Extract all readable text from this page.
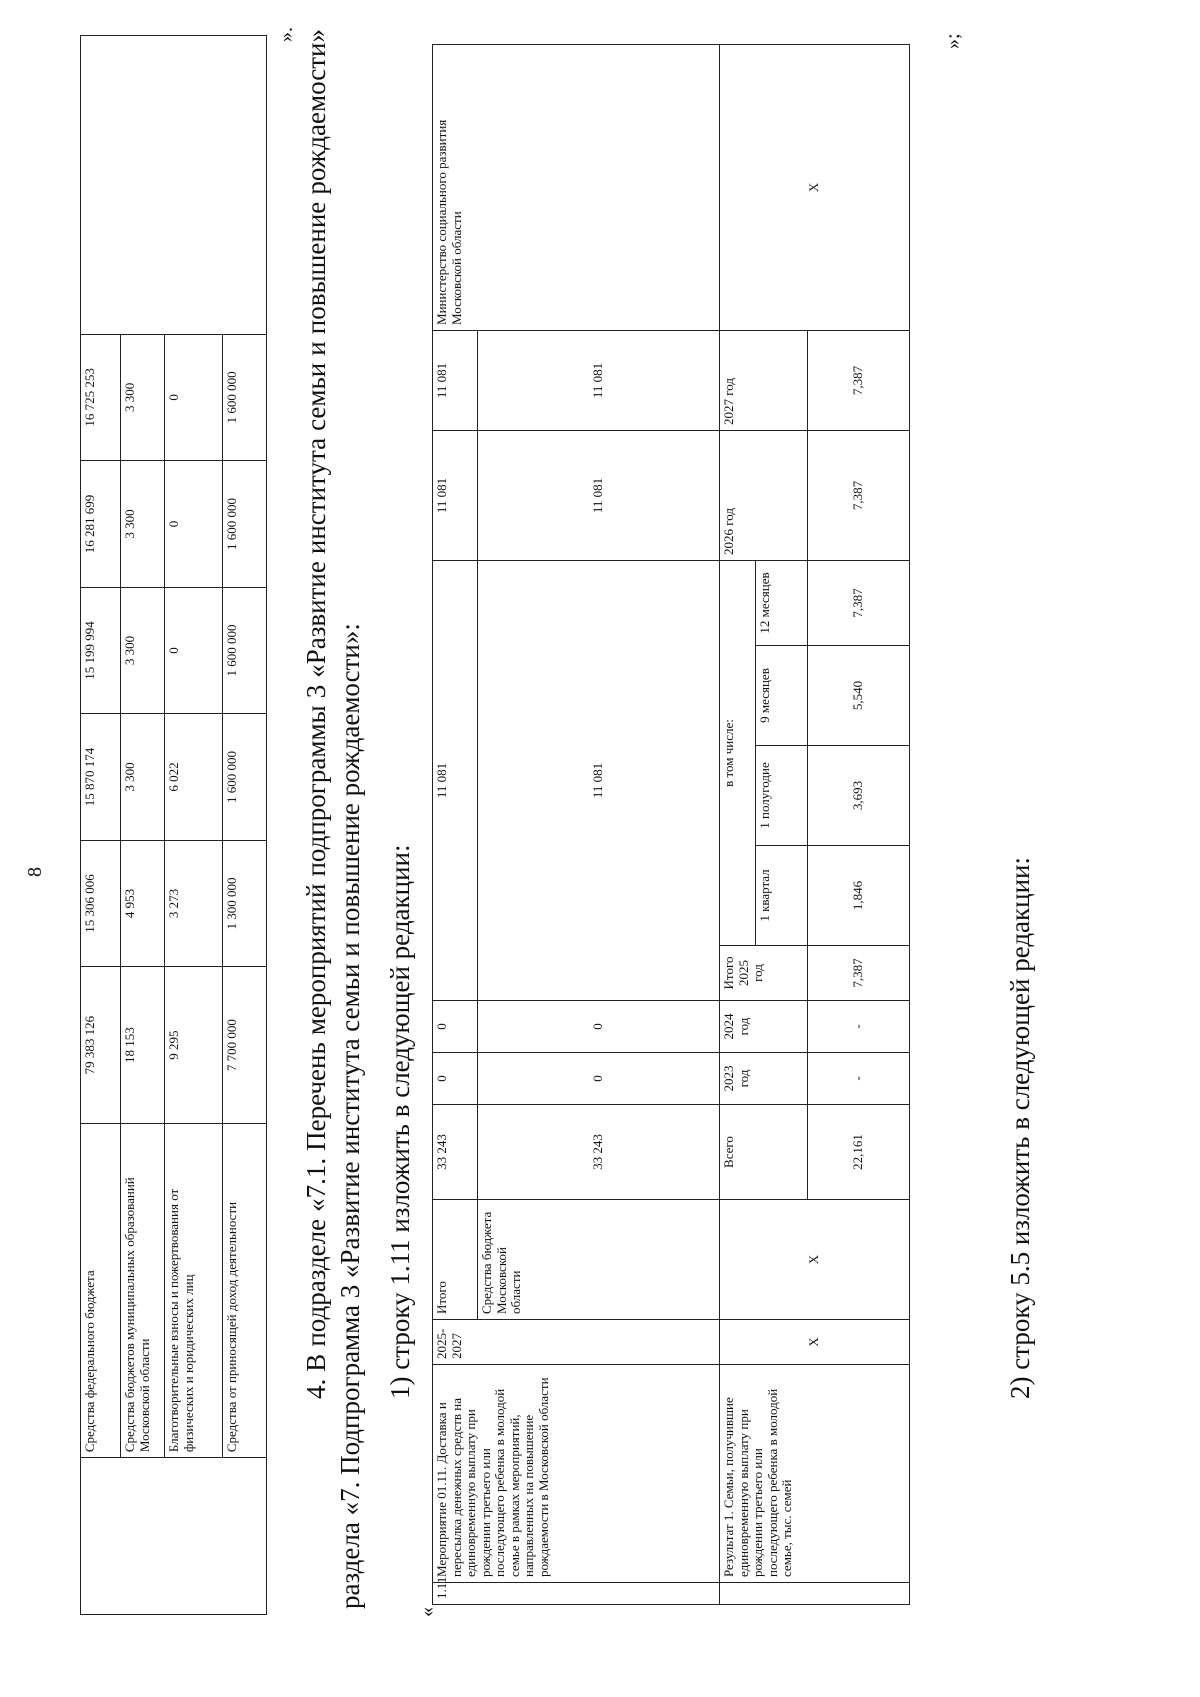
8
	Средства федерального бюджета	79 383 126	15 306 006	15 870 174	15 199 994	16 281 699	16 725 253	
	Средства бюджетов муниципальных образований Московской области	18 153	4 953	3 300	3 300	3 300	3 300	
	Благотворительные взносы и пожертвования от физических и юридических лиц	9 295	3 273	6 022	0	0	0	
	Средства от приносящей доход деятельности	7 700 000	1 300 000	1 600 000	1 600 000	1 600 000	1 600 000	
». 4. В подразделе «7.1. Перечень мероприятий подпрограммы 3 «Развитие института семьи и повышение рождаемости» раздела «7. Подпрограмма 3 «Развитие института семьи и повышение рождаемости»: 1) строку 1.11 изложить в следующей редакции:
«
1.11	Мероприятие 01.11. Доставка и пересылка денежных средств на единовременную выплату при рождении третьего или последующего ребенка в молодой семье в рамках мероприятий, направленных на повышение рождаемости в Московской области	2025-2027	Итого	33 243	0	0	11 081					11 081	11 081	Министерство социального развития Московской области
			Средства бюджета Московской области	33 243	0	0	11 081					11 081	11 081	
	Результат 1. Семьи, получившие единовременную выплату при рождении третьего или последующего ребенка в молодой семье, тыс. семей	X	X	Всего	2023 год	2024 год	Итого 2025 год	в том числе:				2026 год	2027 год	X
								1 квартал	1 полугодие	9 месяцев	12 месяцев			
				22,161	-	-	7,387	1,846	3,693	5,540	7,387	7,387	7,387	
»;
2) строку 5.5 изложить в следующей редакции:
